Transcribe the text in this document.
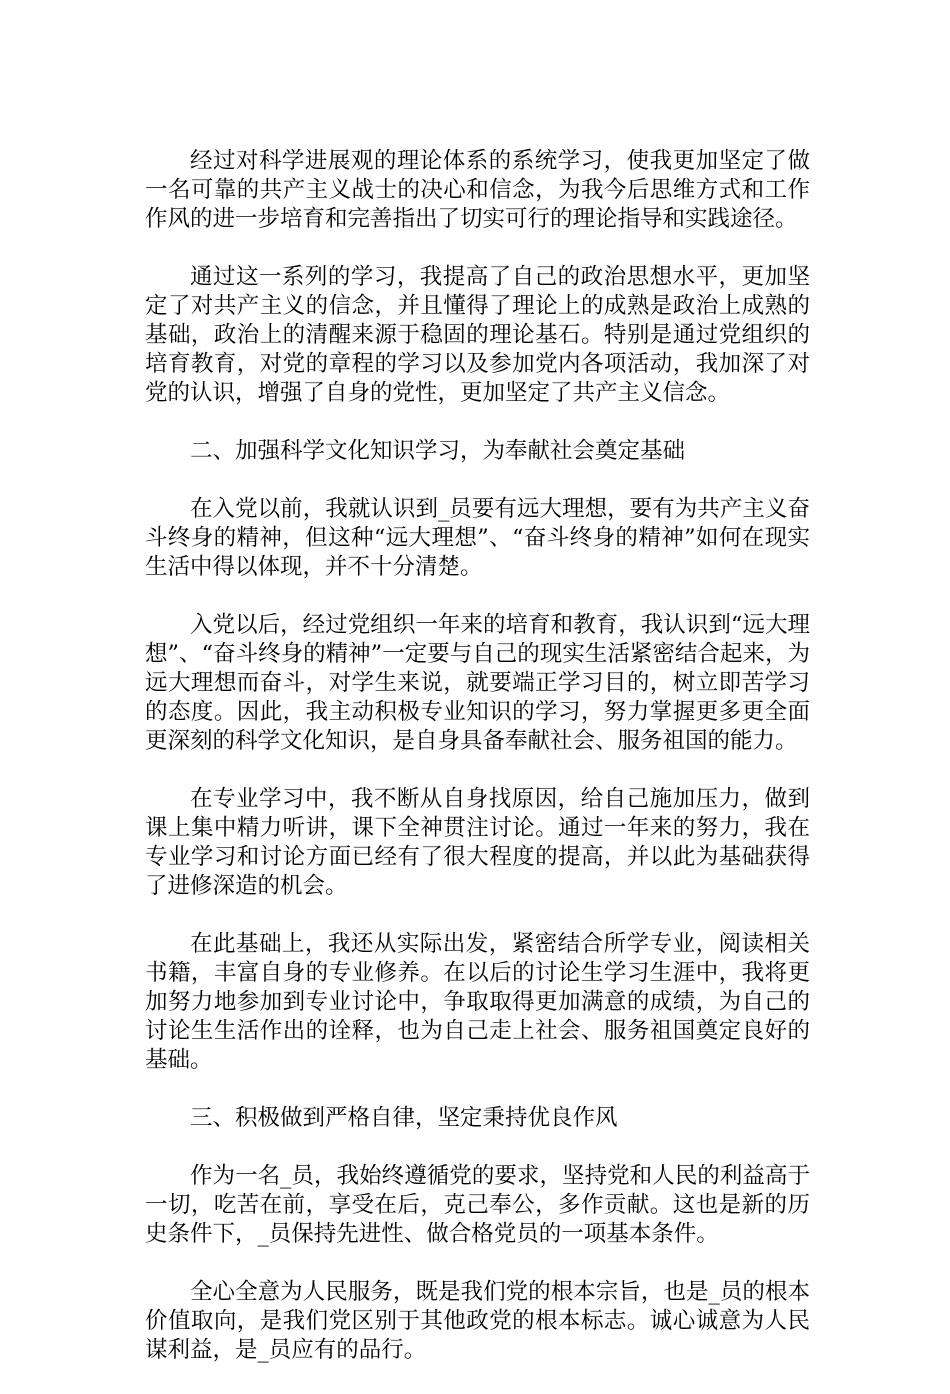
经过对科学进展观的理论体系的系统学习，使我更加坚定了做一名可靠的共产主义战士的决心和信念，为我今后思维方式和工作作风的进一步培育和完善指出了切实可行的理论指导和实践途径。

通过这一系列的学习，我提高了自己的政治思想水平，更加坚定了对共产主义的信念，并且懂得了理论上的成熟是政治上成熟的基础，政治上的清醒来源于稳固的理论基石。特别是通过党组织的培育教育，对党的章程的学习以及参加党内各项活动，我加深了对党的认识，增强了自身的党性，更加坚定了共产主义信念。

二、加强科学文化知识学习，为奉献社会奠定基础

在入党以前，我就认识到_员要有远大理想，要有为共产主义奋斗终身的精神，但这种“远大理想”、“奋斗终身的精神”如何在现实生活中得以体现，并不十分清楚。

入党以后，经过党组织一年来的培育和教育，我认识到“远大理想”、“奋斗终身的精神”一定要与自己的现实生活紧密结合起来，为远大理想而奋斗，对学生来说，就要端正学习目的，树立即苦学习的态度。因此，我主动积极专业知识的学习，努力掌握更多更全面更深刻的科学文化知识，是自身具备奉献社会、服务祖国的能力。

在专业学习中，我不断从自身找原因，给自己施加压力，做到课上集中精力听讲，课下全神贯注讨论。通过一年来的努力，我在专业学习和讨论方面已经有了很大程度的提高，并以此为基础获得了进修深造的机会。

在此基础上，我还从实际出发，紧密结合所学专业，阅读相关书籍，丰富自身的专业修养。在以后的讨论生学习生涯中，我将更加努力地参加到专业讨论中，争取取得更加满意的成绩，为自己的讨论生生活作出的诠释，也为自己走上社会、服务祖国奠定良好的基础。

三、积极做到严格自律，坚定秉持优良作风

作为一名_员，我始终遵循党的要求，坚持党和人民的利益高于一切，吃苦在前，享受在后，克己奉公，多作贡献。这也是新的历史条件下，_员保持先进性、做合格党员的一项基本条件。

全心全意为人民服务，既是我们党的根本宗旨，也是_员的根本价值取向，是我们党区别于其他政党的根本标志。诚心诚意为人民谋利益，是_员应有的品行。
